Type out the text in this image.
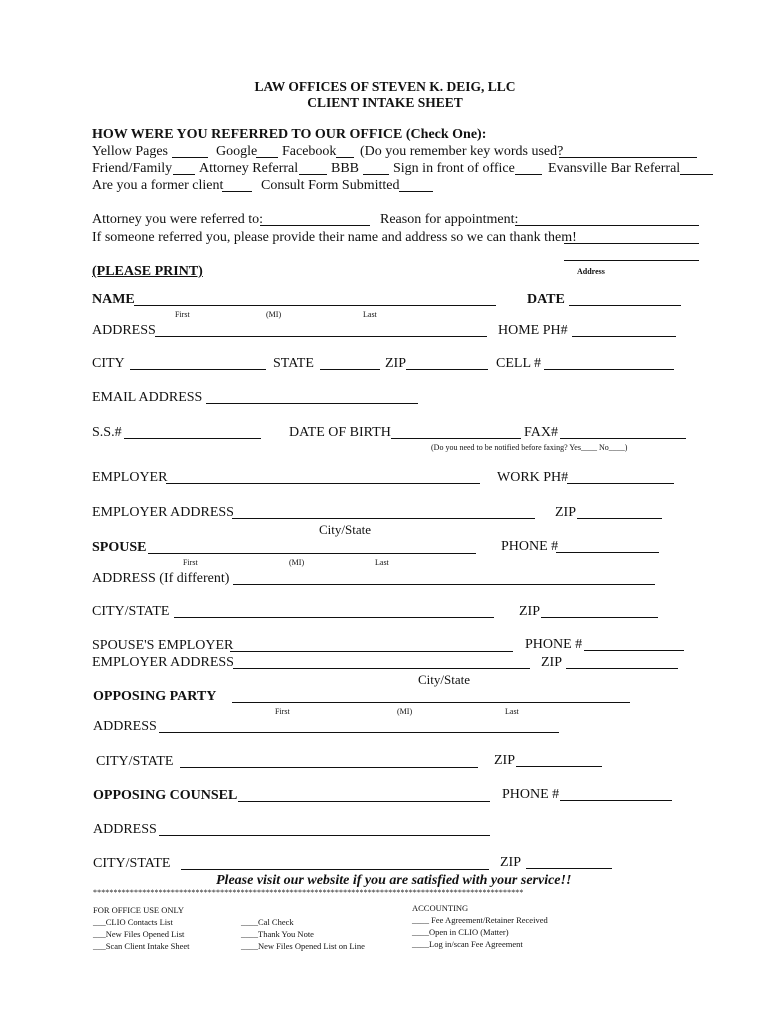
LAW OFFICES OF STEVEN K. DEIG, LLC
CLIENT INTAKE SHEET
HOW WERE YOU REFERRED TO OUR OFFICE (Check One):
Yellow Pages	Google Facebook (Do you remember key words used?
Friend/Family Attorney Referral BBB Sign in front of office Evansville Bar Referral
Are you a former client	Consult Form Submitted
Attorney you were referred to:	Reason for appointment:
If someone referred you, please provide their name and address so we can thank them!
Address
(PLEASE PRINT)
NAME	DATE
First	(MI)	Last
ADDRESS	HOME PH#
CITY	STATE	ZIP	CELL #
EMAIL ADDRESS
S.S.#	DATE OF BIRTH	FAX#
(Do you need to be notified before faxing? Yes____ No____)
EMPLOYER	WORK PH#
EMPLOYER ADDRESS	ZIP
City/State
SPOUSE	PHONE #
First	(MI)	Last
ADDRESS (If different)
CITY/STATE	ZIP
SPOUSE'S EMPLOYER	PHONE #
EMPLOYER ADDRESS	ZIP
City/State
OPPOSING PARTY
First	(MI)	Last
ADDRESS
CITY/STATE	ZIP
OPPOSING COUNSEL	PHONE #
ADDRESS
CITY/STATE	ZIP
Please visit our website if you are satisfied with your service!!
*********************************************************************************************************
FOR OFFICE USE ONLY
___CLIO Contacts List
___New Files Opened List
___Scan Client Intake Sheet
____Cal Check
____Thank You Note
____New Files Opened List on Line
ACCOUNTING
____ Fee Agreement/Retainer Received
____Open in CLIO (Matter)
____Log in/scan Fee Agreement
